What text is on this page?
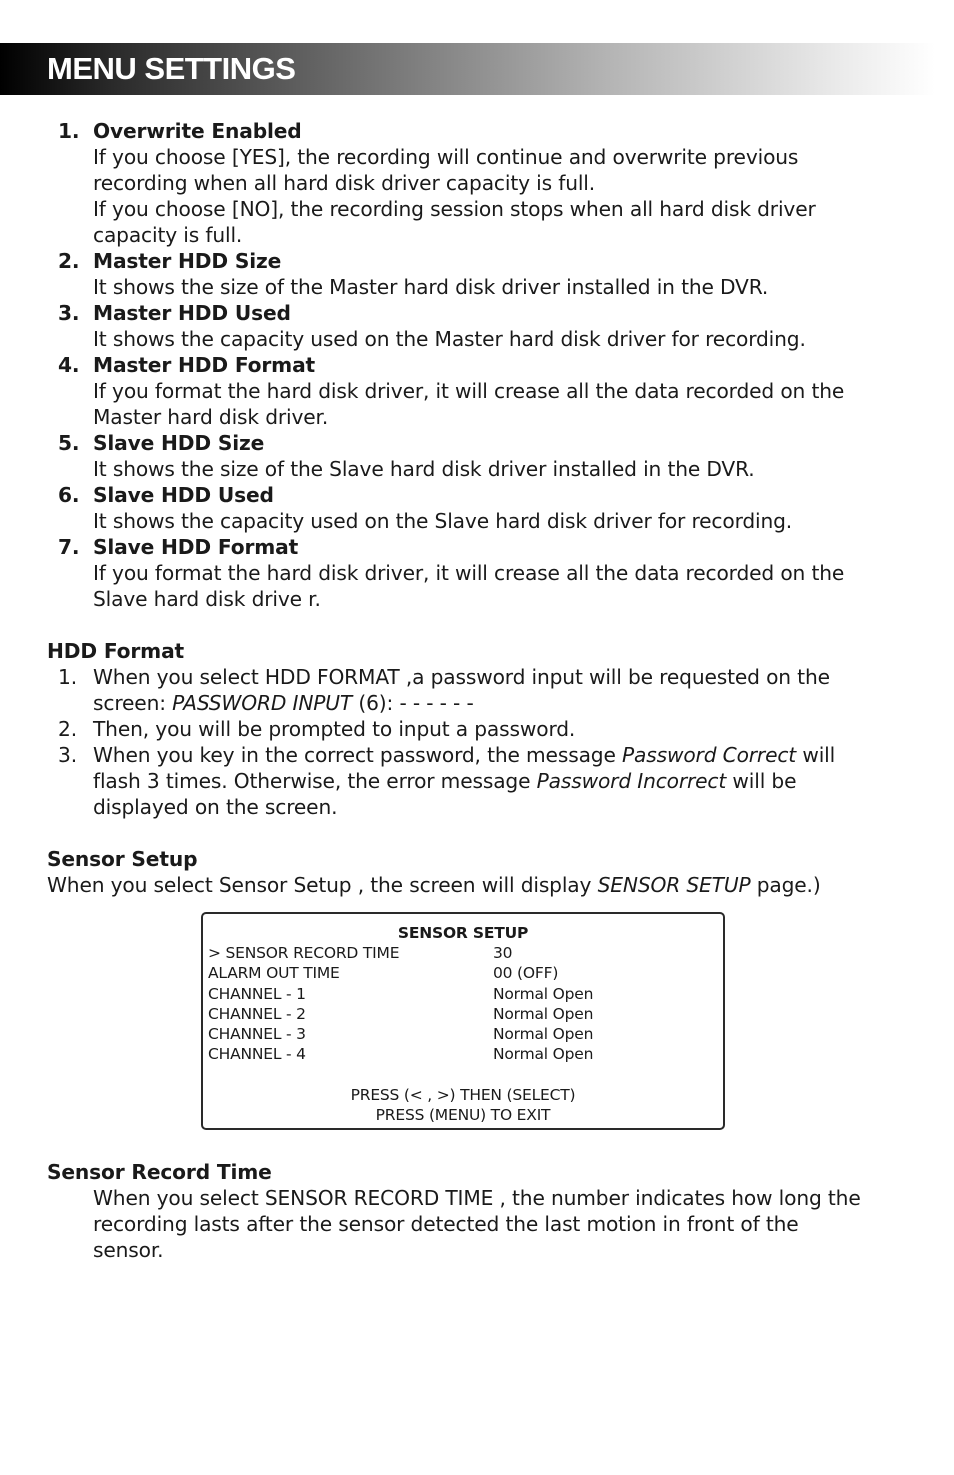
MENU SETTINGS
1. Overwrite Enabled
If you choose [YES], the recording will continue and overwrite previous
recording when all hard disk driver capacity is full.
If you choose [NO], the recording session stops when all hard disk driver
capacity is full.
2. Master HDD Size
It shows the size of the Master hard disk driver installed in the DVR.
3. Master HDD Used
It shows the capacity used on the Master hard disk driver for recording.
4. Master HDD Format
If you format the hard disk driver, it will crease all the data recorded on the
Master hard disk driver.
5. Slave HDD Size
It shows the size of the Slave hard disk driver installed in the DVR.
6. Slave HDD Used
It shows the capacity used on the Slave hard disk driver for recording.
7. Slave HDD Format
If you format the hard disk driver, it will crease all the data recorded on the
Slave hard disk drive r.
HDD Format
1. When you select HDD FORMAT ,a password input will be requested on the
screen: PASSWORD INPUT (6): - - - - - -
2. Then, you will be prompted to input a password.
3. When you key in the correct password, the message Password Correct will
flash 3 times. Otherwise, the error message Password Incorrect will be
displayed on the screen.
Sensor Setup
When you select Sensor Setup , the screen will display SENSOR SETUP page.)
SENSOR SETUP
> SENSOR RECORD TIME	30
ALARM OUT TIME	00 (OFF)
CHANNEL - 1	Normal Open
CHANNEL - 2	Normal Open
CHANNEL - 3	Normal Open
CHANNEL - 4	Normal Open
PRESS (< , >) THEN (SELECT)
PRESS (MENU) TO EXIT
Sensor Record Time
When you select SENSOR RECORD TIME , the number indicates how long the
recording lasts after the sensor detected the last motion in front of the
sensor.
